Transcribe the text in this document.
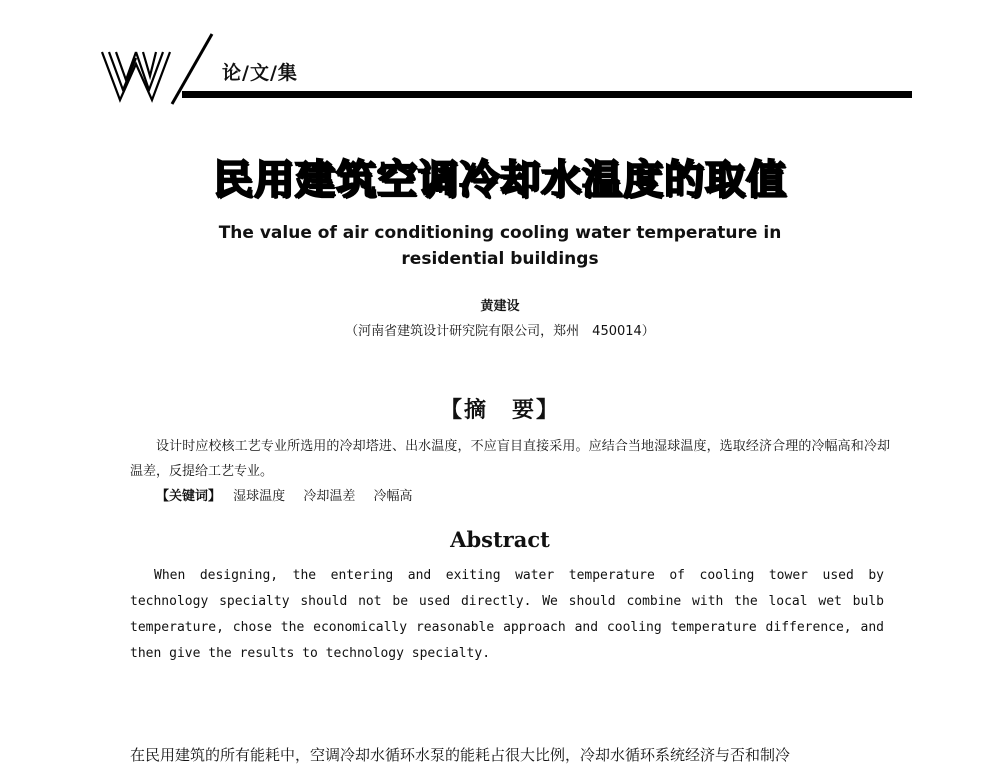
论/文/集
民用建筑空调冷却水温度的取值
The value of air conditioning cooling water temperature in
residential buildings
黄建设
（河南省建筑设计研究院有限公司，郑州　450014）
【摘　要】
设计时应校核工艺专业所选用的冷却塔进、出水温度，不应盲目直接采用。应结合当地湿球温度，选取经济合理的冷幅高和冷却温差，反提给工艺专业。
【关键词】 湿球温度 冷却温差 冷幅高
Abstract
When designing, the entering and exiting water temperature of cooling tower used by technology specialty should not be used directly. We should combine with the local wet bulb temperature, chose the economically reasonable approach and cooling temperature difference, and then give the results to technology specialty.
在民用建筑的所有能耗中，空调冷却水循环水泵的能耗占很大比例，冷却水循环系统经济与否和制冷
